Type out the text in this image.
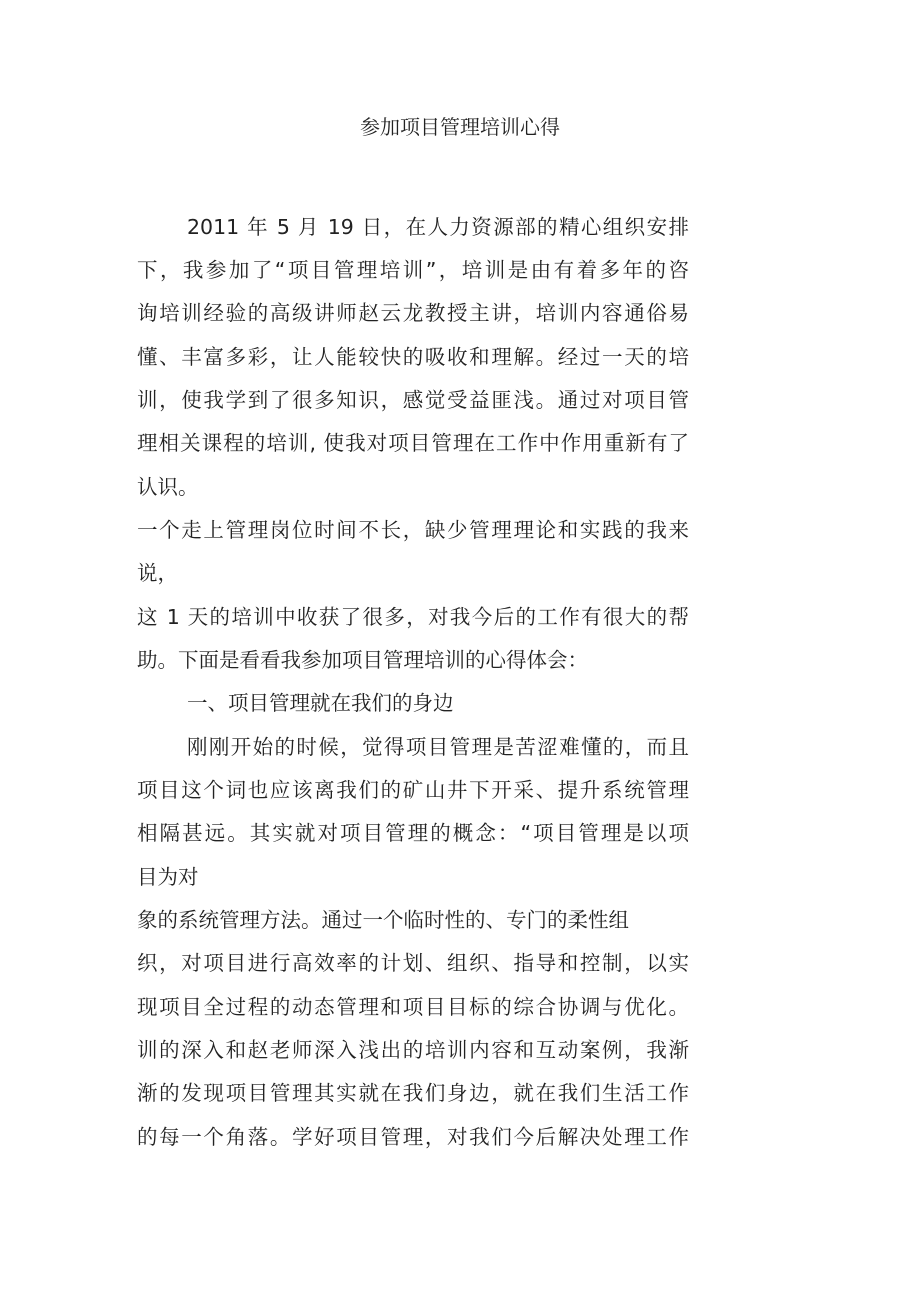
参加项目管理培训心得
2011 年 5 月 19 日，在人力资源部的精心组织安排
下，我参加了“项目管理培训”，培训是由有着多年的咨
询培训经验的高级讲师赵云龙教授主讲，培训内容通俗易
懂、丰富多彩，让人能较快的吸收和理解。经过一天的培
训，使我学到了很多知识，感觉受益匪浅。通过对项目管
理相关课程的培训, 使我对项目管理在工作中作用重新有了
认识。
一个走上管理岗位时间不长，缺少管理理论和实践的我来
说，
这 1 天的培训中收获了很多，对我今后的工作有很大的帮
助。下面是看看我参加项目管理培训的心得体会：
一、项目管理就在我们的身边
刚刚开始的时候，觉得项目管理是苦涩难懂的，而且
项目这个词也应该离我们的矿山井下开采、提升系统管理
相隔甚远。其实就对项目管理的概念：“项目管理是以项
目为对
象的系统管理方法。通过一个临时性的、专门的柔性组
织，对项目进行高效率的计划、组织、指导和控制，以实
现项目全过程的动态管理和项目目标的综合协调与优化。
训的深入和赵老师深入浅出的培训内容和互动案例，我渐
渐的发现项目管理其实就在我们身边，就在我们生活工作
的每一个角落。学好项目管理，对我们今后解决处理工作
